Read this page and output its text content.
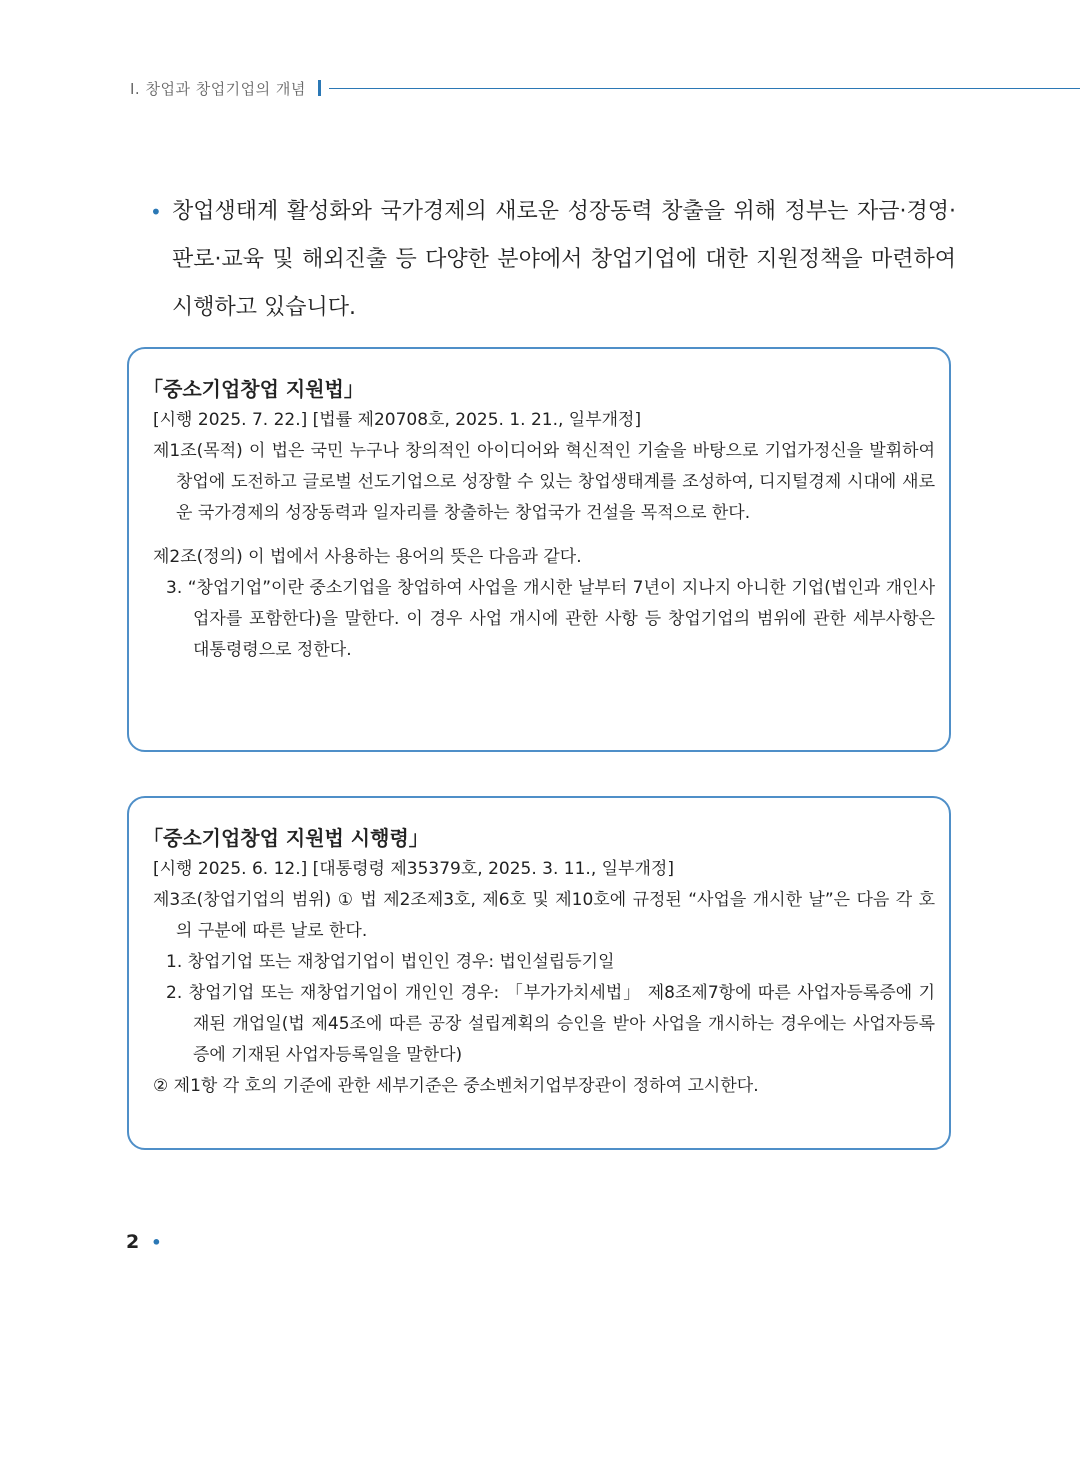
Ⅰ. 창업과 창업기업의 개념
• 창업생태계 활성화와 국가경제의 새로운 성장동력 창출을 위해 정부는 자금·경영·판로·교육 및 해외진출 등 다양한 분야에서 창업기업에 대한 지원정책을 마련하여 시행하고 있습니다.
「중소기업창업 지원법」
[시행 2025. 7. 22.] [법률 제20708호, 2025. 1. 21., 일부개정]
제1조(목적) 이 법은 국민 누구나 창의적인 아이디어와 혁신적인 기술을 바탕으로 기업가정신을 발휘하여 창업에 도전하고 글로벌 선도기업으로 성장할 수 있는 창업생태계를 조성하여, 디지털경제 시대에 새로운 국가경제의 성장동력과 일자리를 창출하는 창업국가 건설을 목적으로 한다.
제2조(정의) 이 법에서 사용하는 용어의 뜻은 다음과 같다.
3. “창업기업”이란 중소기업을 창업하여 사업을 개시한 날부터 7년이 지나지 아니한 기업(법인과 개인사업자를 포함한다)을 말한다. 이 경우 사업 개시에 관한 사항 등 창업기업의 범위에 관한 세부사항은 대통령령으로 정한다.
「중소기업창업 지원법 시행령」
[시행 2025. 6. 12.] [대통령령 제35379호, 2025. 3. 11., 일부개정]
제3조(창업기업의 범위) ① 법 제2조제3호, 제6호 및 제10호에 규정된 “사업을 개시한 날”은 다음 각 호의 구분에 따른 날로 한다.
1. 창업기업 또는 재창업기업이 법인인 경우: 법인설립등기일
2. 창업기업 또는 재창업기업이 개인인 경우: 「부가가치세법」 제8조제7항에 따른 사업자등록증에 기재된 개업일(법 제45조에 따른 공장 설립계획의 승인을 받아 사업을 개시하는 경우에는 사업자등록증에 기재된 사업자등록일을 말한다)
② 제1항 각 호의 기준에 관한 세부기준은 중소벤처기업부장관이 정하여 고시한다.
2 •
